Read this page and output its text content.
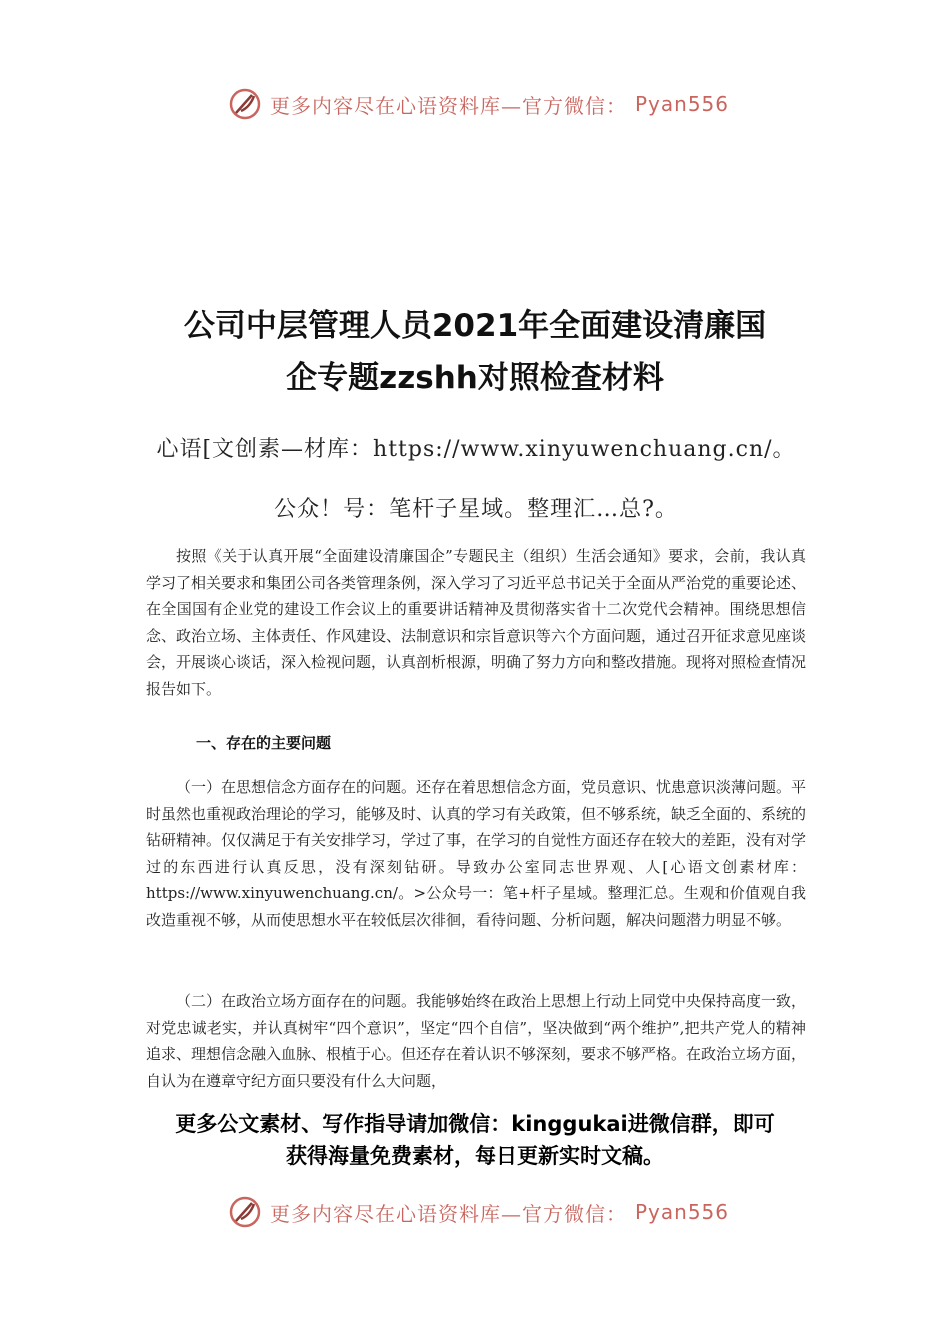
更多内容尽在心语资料库—官方微信： Pyan556
公司中层管理人员2021年全面建设清廉国
企专题zzshh对照检查材料
心语[文创素—材库：https://www.xinyuwenchuang.cn/。公众！号：笔杆子星域。整理汇…总?。

按照《关于认真开展“全面建设清廉国企”专题民主（组织）生活会通知》要求，会前，我认真学习了相关要求和集团公司各类管理条例，深入学习了习近平总书记关于全面从严治党的重要论述、在全国国有企业党的建设工作会议上的重要讲话精神及贯彻落实省十二次党代会精神。围绕思想信念、政治立场、主体责任、作风建设、法制意识和宗旨意识等六个方面问题，通过召开征求意见座谈会，开展谈心谈话，深入检视问题，认真剖析根源，明确了努力方向和整改措施。现将对照检查情况报告如下。

一、存在的主要问题

（一）在思想信念方面存在的问题。还存在着思想信念方面，党员意识、忧患意识淡薄问题。平时虽然也重视政治理论的学习，能够及时、认真的学习有关政策，但不够系统，缺乏全面的、系统的钻研精神。仅仅满足于有关安排学习，学过了事，在学习的自觉性方面还存在较大的差距，没有对学过的东西进行认真反思，没有深刻钻研。导致办公室同志世界观、人[心语文创素材库：https://www.xinyuwenchuang.cn/。>公众号一：笔+杆子星域。整理汇总。生观和价值观自我改造重视不够，从而使思想水平在较低层次徘徊，看待问题、分析问题，解决问题潜力明显不够。

（二）在政治立场方面存在的问题。我能够始终在政治上思想上行动上同党中央保持高度一致，对党忠诚老实，并认真树牢“四个意识”，坚定“四个自信”，坚决做到“两个维护”,把共产党人的精神追求、理想信念融入血脉、根植于心。但还存在着认识不够深刻，要求不够严格。在政治立场方面，自认为在遵章守纪方面只要没有什么大问题，

更多公文素材、写作指导请加微信：kinggukai进微信群，即可
获得海量免费素材，每日更新实时文稿。
更多内容尽在心语资料库—官方微信： Pyan556
